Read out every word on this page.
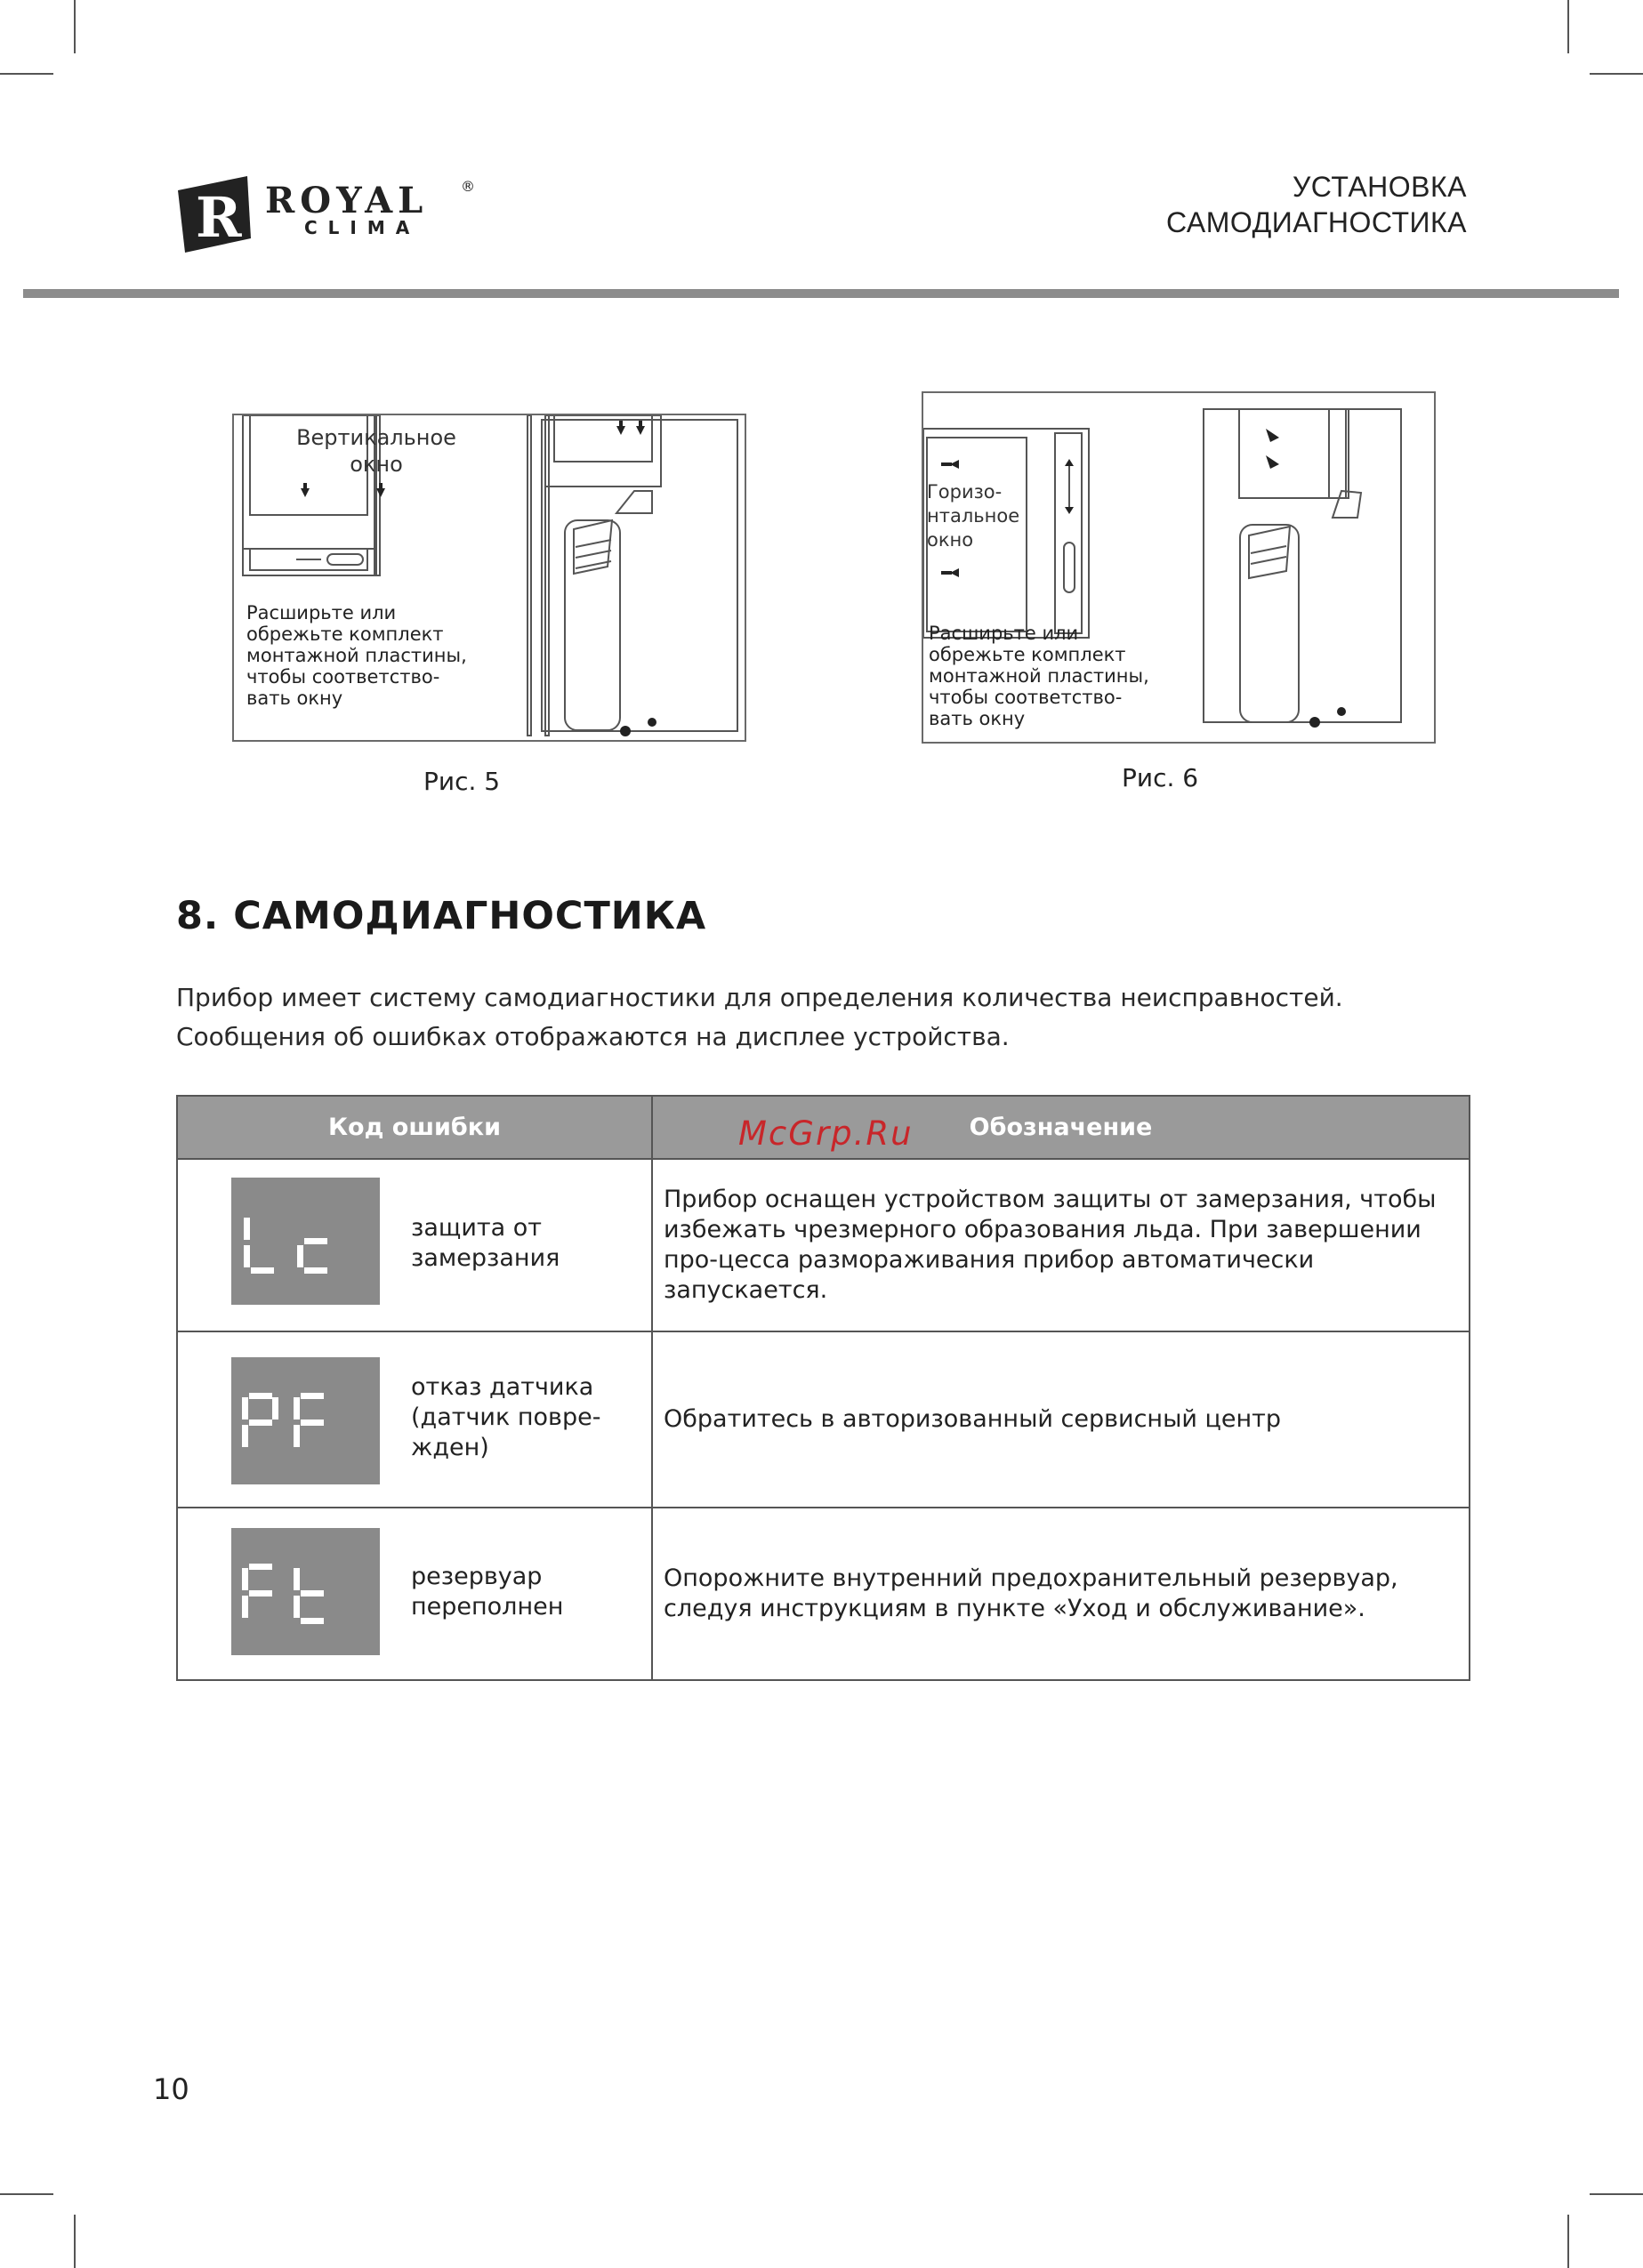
R ROYAL ®
CLIMA
УСТАНОВКА
САМОДИАГНОСТИКА
Вертикальное
окно
Расширьте или
обрежьте комплект
монтажной пластины,
чтобы соответство-
вать окну
Рис. 5
Горизо-
нтальное
окно
Расширьте или
обрежьте комплект
монтажной пластины,
чтобы соответство-
вать окну
Рис. 6
8. САМОДИАГНОСТИКА
Прибор имеет систему самодиагностики для определения количества неисправностей.
Сообщения об ошибках отображаются на дисплее устройства.
Код ошибки	Обозначение

защита от замерзания	Прибор оснащен устройством защиты от замерзания, чтобы избежать чрезмерного образования льда. При завершении про-цесса размораживания прибор автоматически запускается.

отказ датчика (датчик повре-жден)	Обратитесь в авторизованный сервисный центр

резервуар переполнен	Опорожните внутренний предохранительный резервуар, следуя инструкциям в пункте «Уход и обслуживание».
McGrp.Ru
10
